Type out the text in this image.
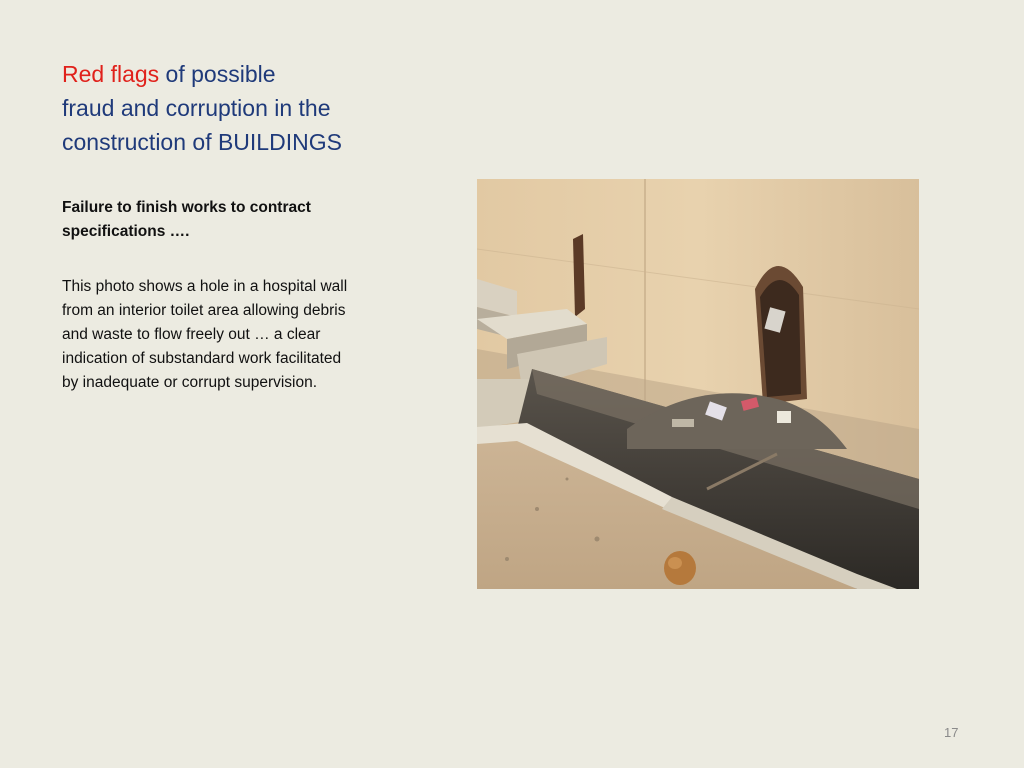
Red flags of possible
fraud and corruption in the
construction of BUILDINGS
Failure to finish works to contract
specifications ….
This photo shows a hole in a hospital wall
from an interior toilet area allowing debris
and waste to flow freely out … a clear
indication of substandard work facilitated
by inadequate or corrupt supervision.
17
